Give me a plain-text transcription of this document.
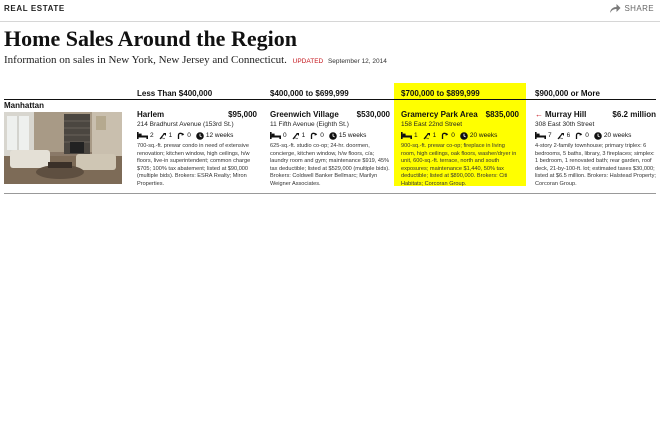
REAL ESTATE	SHARE
Home Sales Around the Region
Information on sales in New York, New Jersey and Connecticut. UPDATED September 12, 2014
Less Than $400,000	$400,000 to $699,999	$700,000 to $899,999	$900,000 or More
Manhattan
Harlem	$95,000
214 Bradhurst Avenue (153rd St.)
2 1 0 12 weeks
700-sq.-ft. prewar condo in need of extensive renovation; kitchen window, high ceilings, h/w floors, live-in superintendent; common charge $705; 100% tax abatement; listed at $90,000 (multiple bids). Brokers: ESRA Realty; Miron Properties.
Greenwich Village $530,000
11 Fifth Avenue (Eighth St.)
0 1 0 15 weeks
625-sq.-ft. studio co-op; 24-hr. doormen, concierge, kitchen window, h/w floors, c/a; laundry room and gym; maintenance $919, 45% tax deductible; listed at $529,000 (multiple bids). Brokers: Coldwell Banker Bellmarc; Marilyn Weigner Associates.
Gramercy Park Area $835,000
158 East 22nd Street
1 1 0 20 weeks
900-sq.-ft. prewar co-op; fireplace in living room, high ceilings, oak floors, washer/dryer in unit, 600-sq.-ft. terrace, north and south exposures; maintenance $1,440, 50% tax deductible; listed at $890,000. Brokers: Citi Habitats; Corcoran Group.
← Murray Hill	$6.2 million
308 East 30th Street
7 6 0 20 weeks
4-story 2-family townhouse; primary triplex: 6 bedrooms, 5 baths, library, 3 fireplaces; simplex: 1 bedroom, 1 renovated bath; rear garden, roof deck, 21-by-100-ft. lot; estimated taxes $30,000; listed at $6.5 million. Brokers: Halstead Property; Corcoran Group.
